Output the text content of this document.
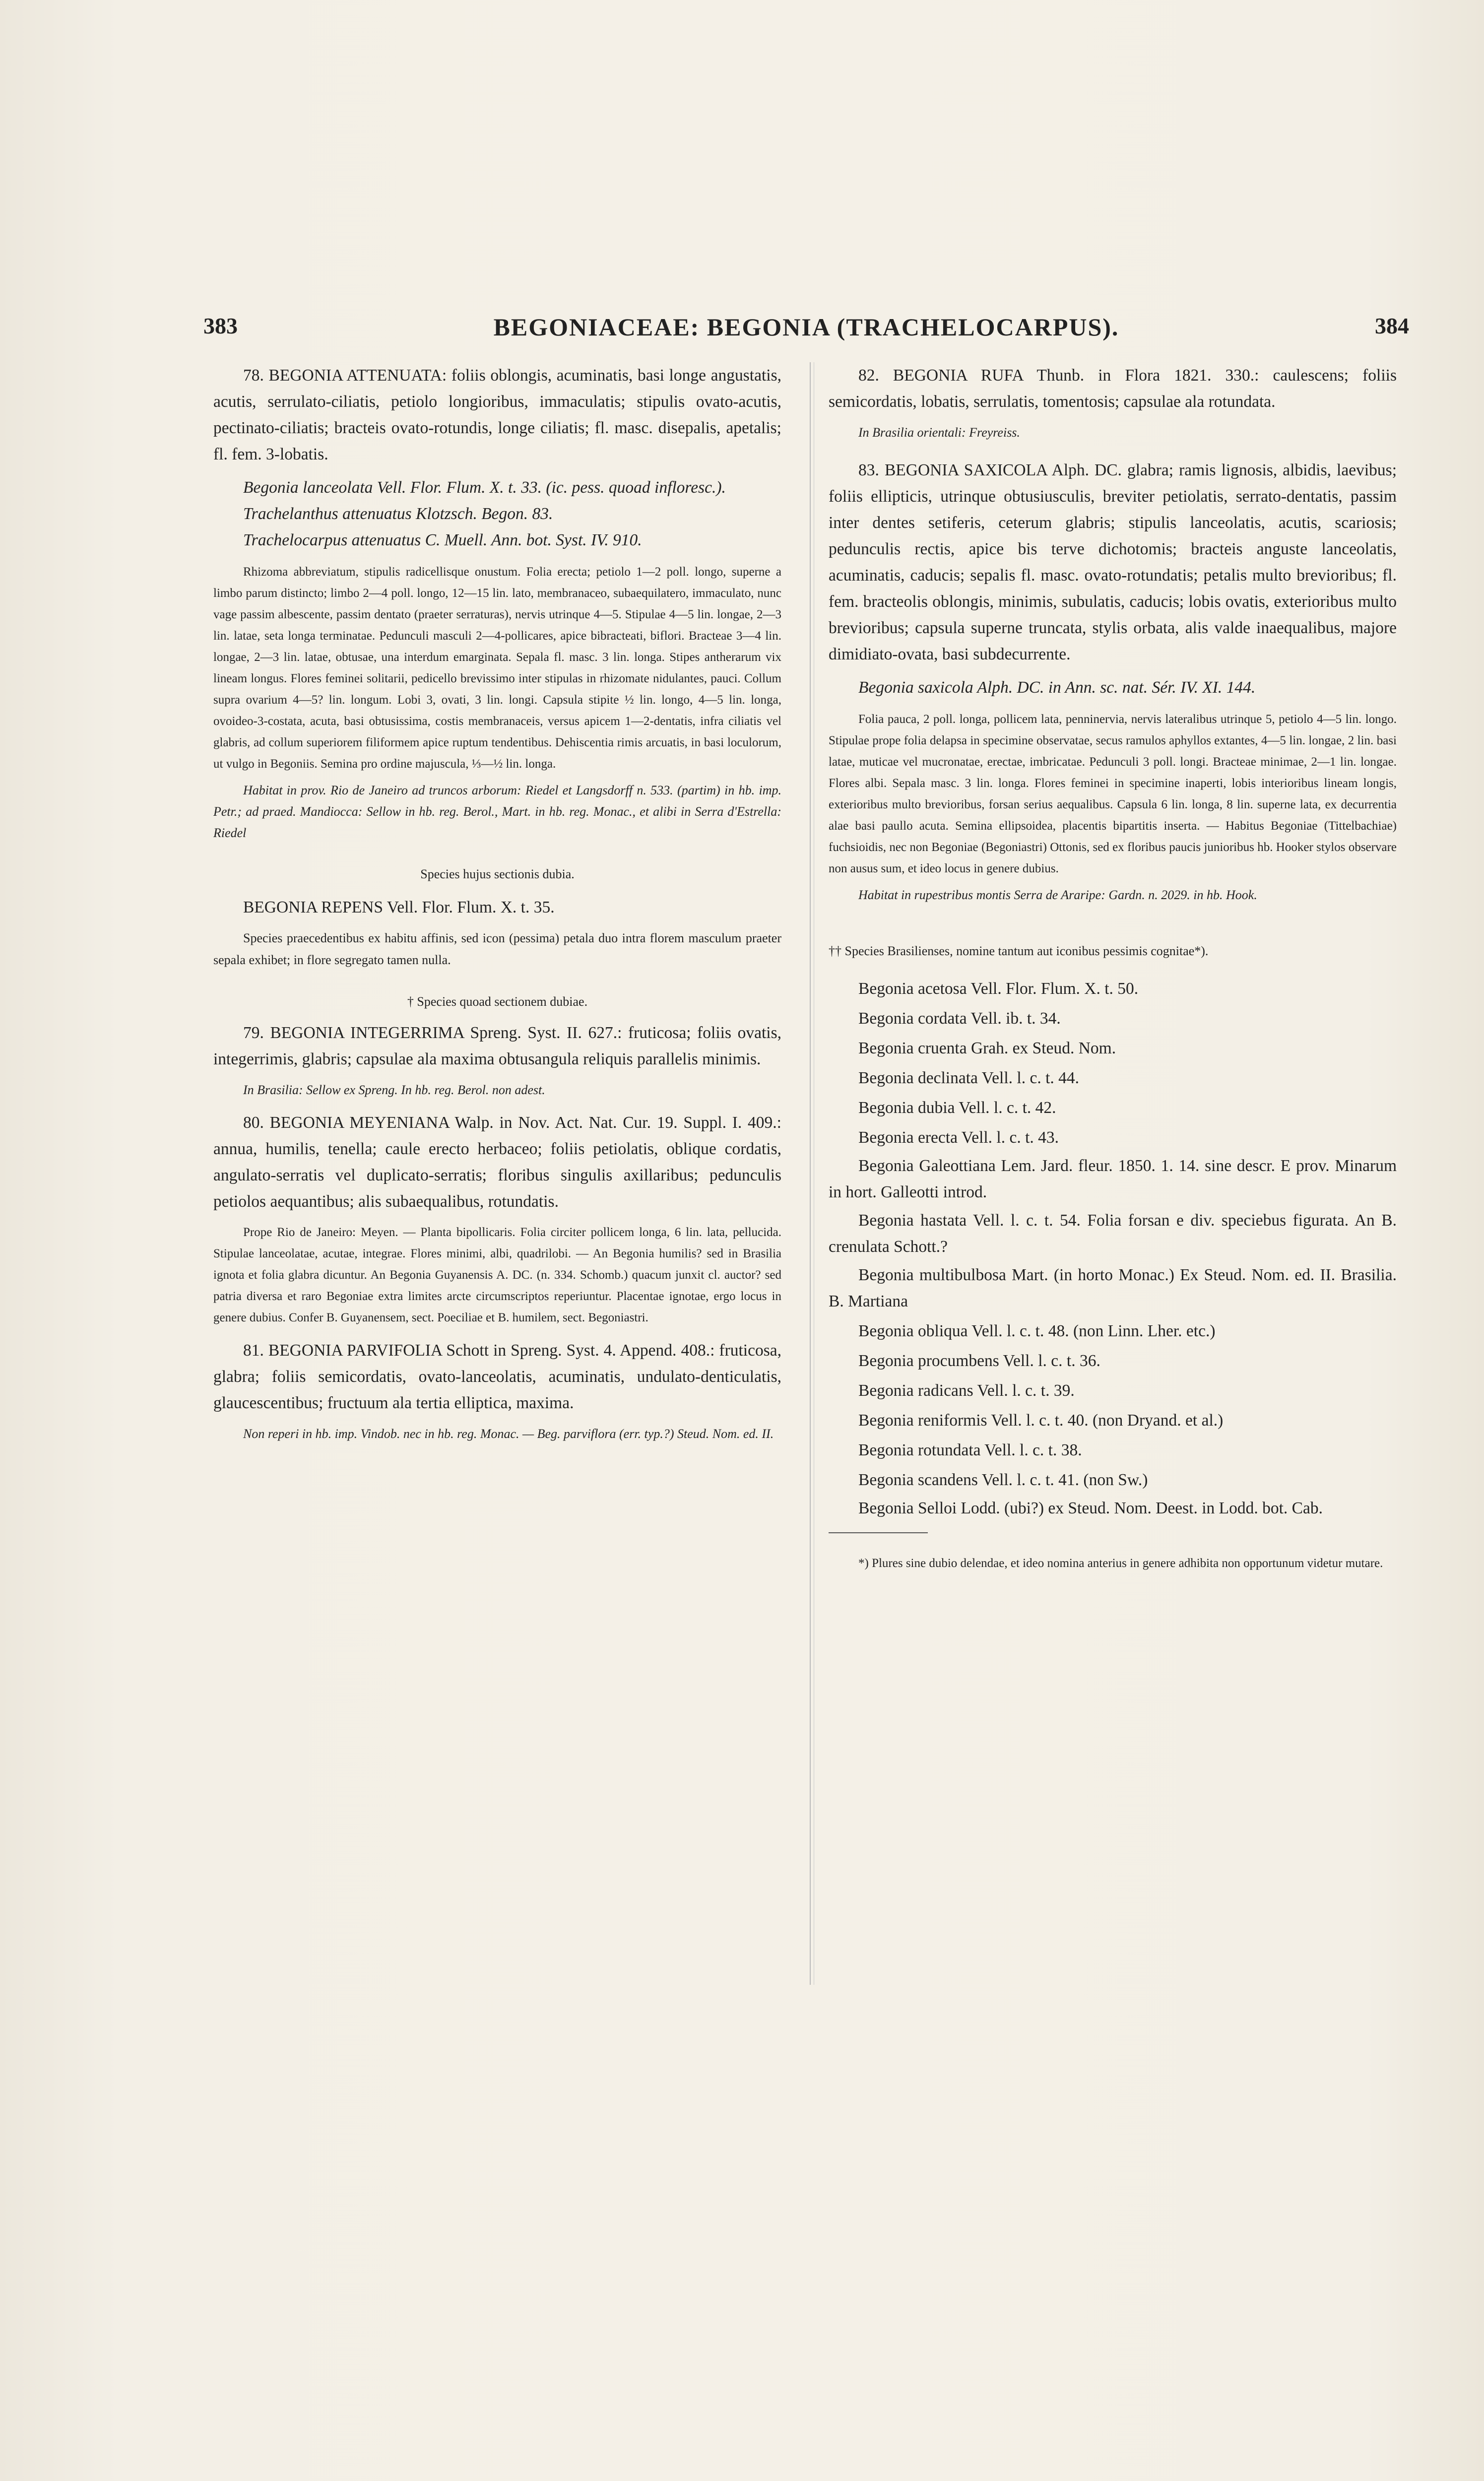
383	BEGONIACEAE: BEGONIA (TRACHELOCARPUS).	384

78. BEGONIA ATTENUATA: foliis oblongis, acuminatis, basi longe angustatis, acutis, serrulato-ciliatis, petiolo longioribus, immaculatis; stipulis ovato-acutis, pectinato-ciliatis; bracteis ovato-rotundis, longe ciliatis; fl. masc. disepalis, apetalis; fl. fem. 3-lobatis.

Begonia lanceolata Vell. Flor. Flum. X. t. 33. (ic. pess. quoad infloresc.).

Trachelanthus attenuatus Klotzsch. Begon. 83.

Trachelocarpus attenuatus C. Muell. Ann. bot. Syst. IV. 910.

Rhizoma abbreviatum, stipulis radicellisque onustum. Folia erecta; petiolo 1—2 poll. longo, superne a limbo parum distincto; limbo 2—4 poll. longo, 12—15 lin. lato, membranaceo, subaequilatero, immaculato, nunc vage passim albescente, passim dentato (praeter serraturas), nervis utrinque 4—5. Stipulae 4—5 lin. longae, 2—3 lin. latae, seta longa terminatae. Pedunculi masculi 2—4-pollicares, apice bibracteati, biflori. Bracteae 3—4 lin. longae, 2—3 lin. latae, obtusae, una interdum emarginata. Sepala fl. masc. 3 lin. longa. Stipes antherarum vix lineam longus. Flores feminei solitarii, pedicello brevissimo inter stipulas in rhizomate nidulantes, pauci. Collum supra ovarium 4—5? lin. longum. Lobi 3, ovati, 3 lin. longi. Capsula stipite ½ lin. longo, 4—5 lin. longa, ovoideo-3-costata, acuta, basi obtusissima, costis membranaceis, versus apicem 1—2-dentatis, infra ciliatis vel glabris, ad collum superiorem filiformem apice ruptum tendentibus. Dehiscentia rimis arcuatis, in basi loculorum, ut vulgo in Begoniis. Semina pro ordine majuscula, ⅓—½ lin. longa.

Habitat in prov. Rio de Janeiro ad truncos arborum: Riedel et Langsdorff n. 533. (partim) in hb. imp. Petr.; ad praed. Mandiocca: Sellow in hb. reg. Berol., Mart. in hb. reg. Monac., et alibi in Serra d'Estrella: Riedel

Species hujus sectionis dubia.

BEGONIA REPENS Vell. Flor. Flum. X. t. 35.

Species praecedentibus ex habitu affinis, sed icon (pessima) petala duo intra florem masculum praeter sepala exhibet; in flore segregato tamen nulla.

† Species quoad sectionem dubiae.

79. BEGONIA INTEGERRIMA Spreng. Syst. II. 627.: fruticosa; foliis ovatis, integerrimis, glabris; capsulae ala maxima obtusangula reliquis parallelis minimis.

In Brasilia: Sellow ex Spreng. In hb. reg. Berol. non adest.

80. BEGONIA MEYENIANA Walp. in Nov. Act. Nat. Cur. 19. Suppl. I. 409.: annua, humilis, tenella; caule erecto herbaceo; foliis petiolatis, oblique cordatis, angulato-serratis vel duplicato-serratis; floribus singulis axillaribus; pedunculis petiolos aequantibus; alis subaequalibus, rotundatis.

Prope Rio de Janeiro: Meyen. — Planta bipollicaris. Folia circiter pollicem longa, 6 lin. lata, pellucida. Stipulae lanceolatae, acutae, integrae. Flores minimi, albi, quadrilobi. — An Begonia humilis? sed in Brasilia ignota et folia glabra dicuntur. An Begonia Guyanensis A. DC. (n. 334. Schomb.) quacum junxit cl. auctor? sed patria diversa et raro Begoniae extra limites arcte circumscriptos reperiuntur. Placentae ignotae, ergo locus in genere dubius. Confer B. Guyanensem, sect. Poeciliae et B. humilem, sect. Begoniastri.

81. BEGONIA PARVIFOLIA Schott in Spreng. Syst. 4. Append. 408.: fruticosa, glabra; foliis semicordatis, ovato-lanceolatis, acuminatis, undulato-denticulatis, glaucescentibus; fructuum ala tertia elliptica, maxima.

Non reperi in hb. imp. Vindob. nec in hb. reg. Monac. — Beg. parviflora (err. typ.?) Steud. Nom. ed. II.

82. BEGONIA RUFA Thunb. in Flora 1821. 330.: caulescens; foliis semicordatis, lobatis, serrulatis, tomentosis; capsulae ala rotundata.

In Brasilia orientali: Freyreiss.

83. BEGONIA SAXICOLA Alph. DC. glabra; ramis lignosis, albidis, laevibus; foliis ellipticis, utrinque obtusiusculis, breviter petiolatis, serrato-dentatis, passim inter dentes setiferis, ceterum glabris; stipulis lanceolatis, acutis, scariosis; pedunculis rectis, apice bis terve dichotomis; bracteis anguste lanceolatis, acuminatis, caducis; sepalis fl. masc. ovato-rotundatis; petalis multo brevioribus; fl. fem. bracteolis oblongis, minimis, subulatis, caducis; lobis ovatis, exterioribus multo brevioribus; capsula superne truncata, stylis orbata, alis valde inaequalibus, majore dimidiato-ovata, basi subdecurrente.

Begonia saxicola Alph. DC. in Ann. sc. nat. Sér. IV. XI. 144.

Folia pauca, 2 poll. longa, pollicem lata, penninervia, nervis lateralibus utrinque 5, petiolo 4—5 lin. longo. Stipulae prope folia delapsa in specimine observatae, secus ramulos aphyllos extantes, 4—5 lin. longae, 2 lin. basi latae, muticae vel mucronatae, erectae, imbricatae. Pedunculi 3 poll. longi. Bracteae minimae, 2—1 lin. longae. Flores albi. Sepala masc. 3 lin. longa. Flores feminei in specimine inaperti, lobis interioribus lineam longis, exterioribus multo brevioribus, forsan serius aequalibus. Capsula 6 lin. longa, 8 lin. superne lata, ex decurrentia alae basi paullo acuta. Semina ellipsoidea, placentis bipartitis inserta. — Habitus Begoniae (Tittelbachiae) fuchsioidis, nec non Begoniae (Begoniastri) Ottonis, sed ex floribus paucis junioribus hb. Hooker stylos observare non ausus sum, et ideo locus in genere dubius.

Habitat in rupestribus montis Serra de Araripe: Gardn. n. 2029. in hb. Hook.

†† Species Brasilienses, nomine tantum aut iconibus pessimis cognitae*).

Begonia acetosa Vell. Flor. Flum. X. t. 50.

Begonia cordata Vell. ib. t. 34.

Begonia cruenta Grah. ex Steud. Nom.

Begonia declinata Vell. l. c. t. 44.

Begonia dubia Vell. l. c. t. 42.

Begonia erecta Vell. l. c. t. 43.

Begonia Galeottiana Lem. Jard. fleur. 1850. 1. 14. sine descr. E prov. Minarum in hort. Galleotti introd.

Begonia hastata Vell. l. c. t. 54. Folia forsan e div. speciebus figurata. An B. crenulata Schott.?

Begonia multibulbosa Mart. (in horto Monac.) Ex Steud. Nom. ed. II. Brasilia. B. Martiana

Begonia obliqua Vell. l. c. t. 48. (non Linn. Lher. etc.)

Begonia procumbens Vell. l. c. t. 36.

Begonia radicans Vell. l. c. t. 39.

Begonia reniformis Vell. l. c. t. 40. (non Dryand. et al.)

Begonia rotundata Vell. l. c. t. 38.

Begonia scandens Vell. l. c. t. 41. (non Sw.)

Begonia Selloi Lodd. (ubi?) ex Steud. Nom. Deest. in Lodd. bot. Cab.

*) Plures sine dubio delendae, et ideo nomina anterius in genere adhibita non opportunum videtur mutare.
